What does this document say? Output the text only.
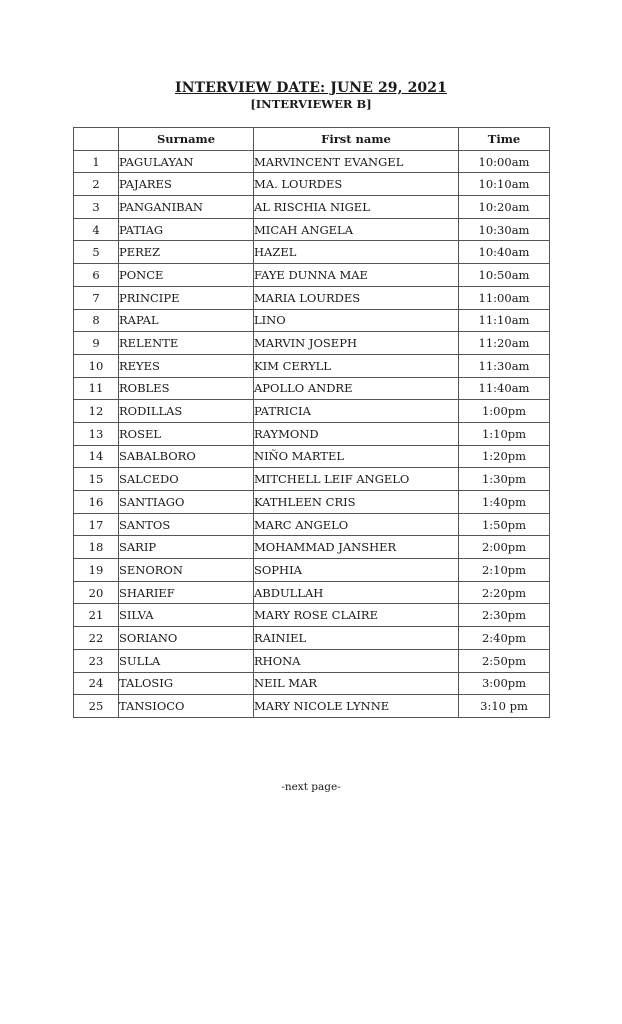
INTERVIEW DATE: JUNE 29, 2021
[INTERVIEWER B]
	Surname	First name	Time
1	PAGULAYAN	MARVINCENT EVANGEL	10:00am
2	PAJARES	MA. LOURDES	10:10am
3	PANGANIBAN	AL RISCHIA NIGEL	10:20am
4	PATIAG	MICAH ANGELA	10:30am
5	PEREZ	HAZEL	10:40am
6	PONCE	FAYE DUNNA MAE	10:50am
7	PRINCIPE	MARIA LOURDES	11:00am
8	RAPAL	LINO	11:10am
9	RELENTE	MARVIN JOSEPH	11:20am
10	REYES	KIM CERYLL	11:30am
11	ROBLES	APOLLO ANDRE	11:40am
12	RODILLAS	PATRICIA	1:00pm
13	ROSEL	RAYMOND	1:10pm
14	SABALBORO	NIÑO MARTEL	1:20pm
15	SALCEDO	MITCHELL LEIF ANGELO	1:30pm
16	SANTIAGO	KATHLEEN CRIS	1:40pm
17	SANTOS	MARC ANGELO	1:50pm
18	SARIP	MOHAMMAD JANSHER	2:00pm
19	SENORON	SOPHIA	2:10pm
20	SHARIEF	ABDULLAH	2:20pm
21	SILVA	MARY ROSE CLAIRE	2:30pm
22	SORIANO	RAINIEL	2:40pm
23	SULLA	RHONA	2:50pm
24	TALOSIG	NEIL MAR	3:00pm
25	TANSIOCO	MARY NICOLE LYNNE	3:10 pm
-next page-
